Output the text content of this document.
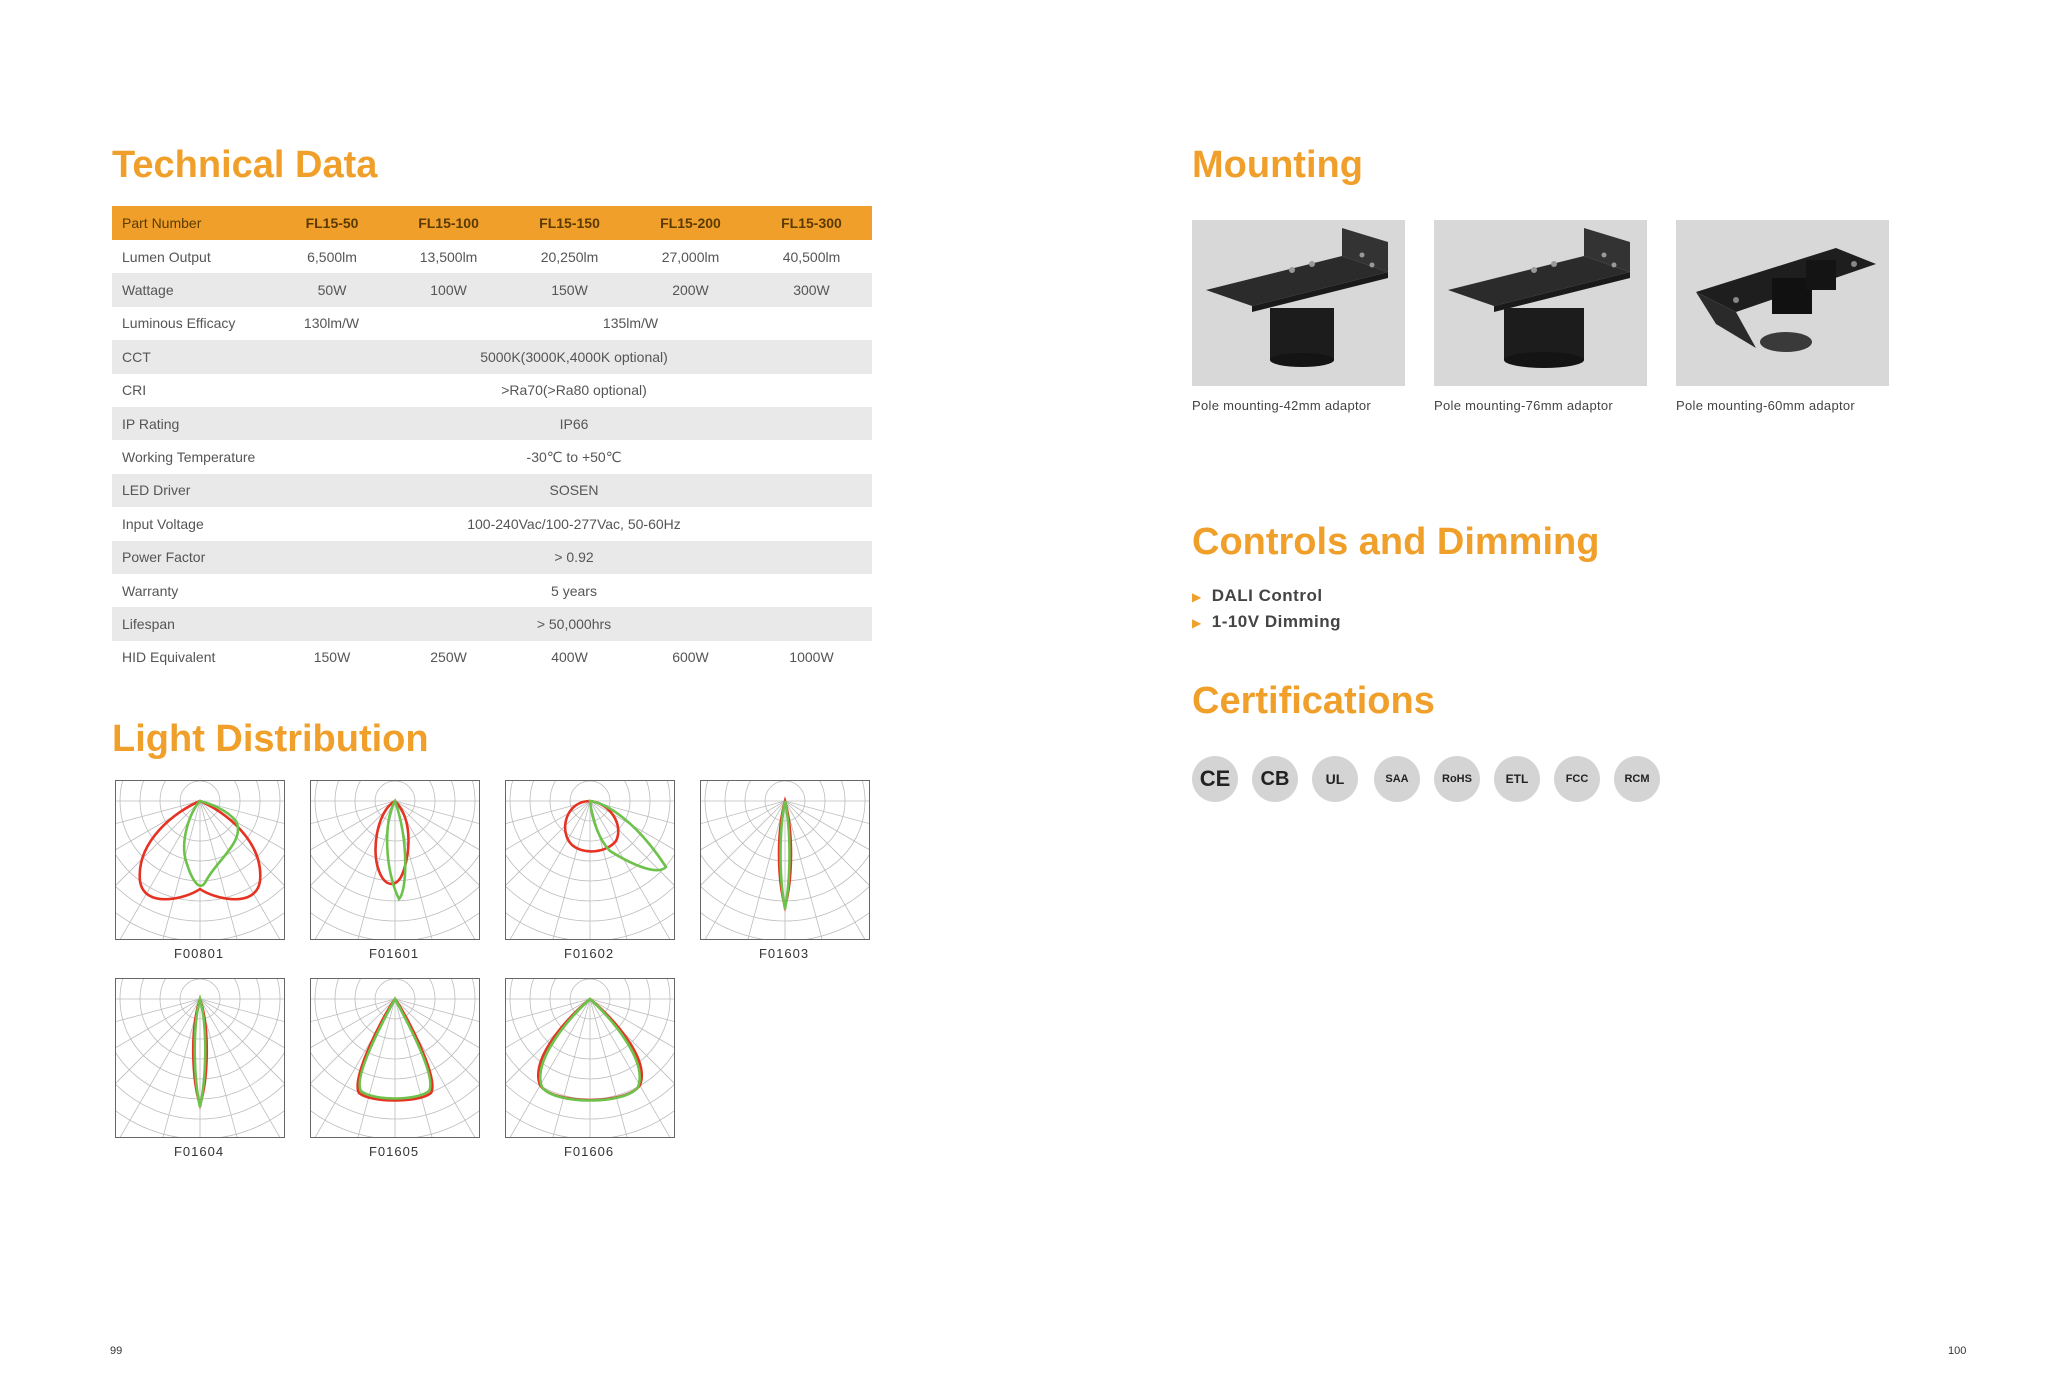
Technical Data
Part Number	FL15-50	FL15-100	FL15-150	FL15-200	FL15-300
Lumen Output	6,500lm	13,500lm	20,250lm	27,000lm	40,500lm
Wattage	50W	100W	150W	200W	300W
Luminous Efficacy	130lm/W	135lm/W			
CCT	5000K(3000K,4000K optional)				
CRI	>Ra70(>Ra80 optional)				
IP Rating	IP66				
Working Temperature	-30℃ to +50℃				
LED Driver	SOSEN				
Input Voltage	100-240Vac/100-277Vac, 50-60Hz				
Power Factor	> 0.92				
Warranty	5 years				
Lifespan	> 50,000hrs				
HID Equivalent	150W	250W	400W	600W	1000W
Light Distribution
F00801	F01601	F01602	F01603
F01604	F01605	F01606
Mounting
Pole mounting-42mm adaptor	Pole mounting-76mm adaptor	Pole mounting-60mm adaptor
Controls and Dimming
▶ DALI Control
▶ 1-10V Dimming
Certifications
CE CB	UL	SAA	RoHS	ETL	FCC	RCM
99	100
